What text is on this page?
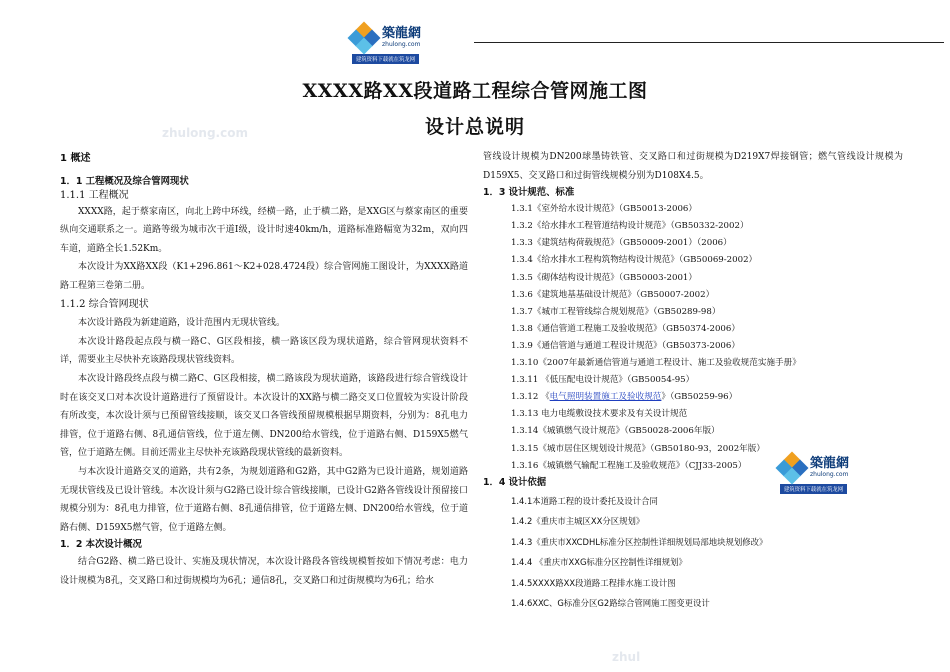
築龍網
zhulong.com
建筑资料下载就在筑龙网
zhulong.com
zhul
XXXX路XX段道路工程综合管网施工图
设计总说明

1 概述

1．1 工程概况及综合管网现状

1.1.1 工程概况

XXXX路，起于蔡家南区，向北上跨中环线，经横一路，止于横二路，是XXG区与蔡家南区的重要纵向交通联系之一。道路等级为城市次干道Ⅰ级，设计时速40km/h，道路标准路幅宽为32m，双向四车道，道路全长1.52Km。

本次设计为XX路XX段（K1+296.861～K2+028.4724段）综合管网施工图设计，为XXXX路道路工程第三卷第二册。

1.1.2 综合管网现状

本次设计路段为新建道路，设计范围内无现状管线。

本次设计路段起点段与横一路C、G区段相接，横一路该区段为现状道路，综合管网现状资料不详，需要业主尽快补充该路段现状管线资料。

本次设计路段终点段与横二路C、G区段相接，横二路该段为现状道路，该路段进行综合管线设计时在该交叉口对本次设计道路进行了预留设计。本次设计的XX路与横二路交叉口位置较为实设计阶段有所改变，本次设计须与已预留管线接顺，该交叉口各管线预留规模根据早期资料，分别为：8孔电力排管，位于道路右侧、8孔通信管线，位于道左侧、DN200给水管线，位于道路右侧、D159X5燃气管，位于道路左侧。目前还需业主尽快补充该路段现状管线的最新资料。

与本次设计道路交叉的道路，共有2条，为规划道路和G2路，其中G2路为已设计道路，规划道路无现状管线及已设计管线。本次设计须与G2路已设计综合管线接顺，已设计G2路各管线设计预留接口规模分别为：8孔电力排管，位于道路右侧、8孔通信排管，位于道路左侧、DN200给水管线，位于道路右侧、D159X5燃气管，位于道路左侧。

1．2 本次设计概况

结合G2路、横二路已设计、实施及现状情况，本次设计路段各管线规模暂按如下情况考虑：电力设计规模为8孔，交叉路口和过街规模均为6孔；通信8孔，交叉路口和过街规模均为6孔；给水

管线设计规模为DN200球墨铸铁管、交叉路口和过街规模为D219X7焊接钢管；燃气管线设计规模为D159X5、交叉路口和过街管线规模分别为D108X4.5。

1．3 设计规范、标准

1.3.1《室外给水设计规范》（GB50013-2006）

1.3.2《给水排水工程管道结构设计规范》（GB50332-2002）

1.3.3《建筑结构荷载规范》（GB50009-2001）（2006）

1.3.4《给水排水工程构筑物结构设计规范》（GB50069-2002）

1.3.5《砌体结构设计规范》（GB50003-2001）

1.3.6《建筑地基基础设计规范》（GB50007-2002）

1.3.7《城市工程管线综合规划规范》（GB50289-98）

1.3.8《通信管道工程施工及验收规范》（GB50374-2006）

1.3.9《通信管道与通道工程设计规范》（GB50373-2006）

1.3.10《2007年最新通信管道与通道工程设计、施工及验收规范实施手册》

1.3.11 《低压配电设计规范》（GB50054-95）

1.3.12 《电气照明装置施工及验收规范》（GB50259-96）

1.3.13 电力电缆敷设技术要求及有关设计规范

1.3.14《城镇燃气设计规范》（GB50028-2006年版）

1.3.15《城市居住区规划设计规范》（GB50180-93，2002年版）

1.3.16《城镇燃气输配工程施工及验收规范》（CJJ33-2005）

1．4 设计依据

1.4.1本道路工程的设计委托及设计合同

1.4.2《重庆市主城区XX分区规划》

1.4.3《重庆市XXCDHL标准分区控制性详细规划局部地块规划修改》

1.4.4 《重庆市XXG标准分区控制性详细规划》

1.4.5XXXX路XX段道路工程排水施工设计图

1.4.6XXC、G标准分区G2路综合管网施工图变更设计

築龍網
zhulong.com
建筑资料下载就在筑龙网
